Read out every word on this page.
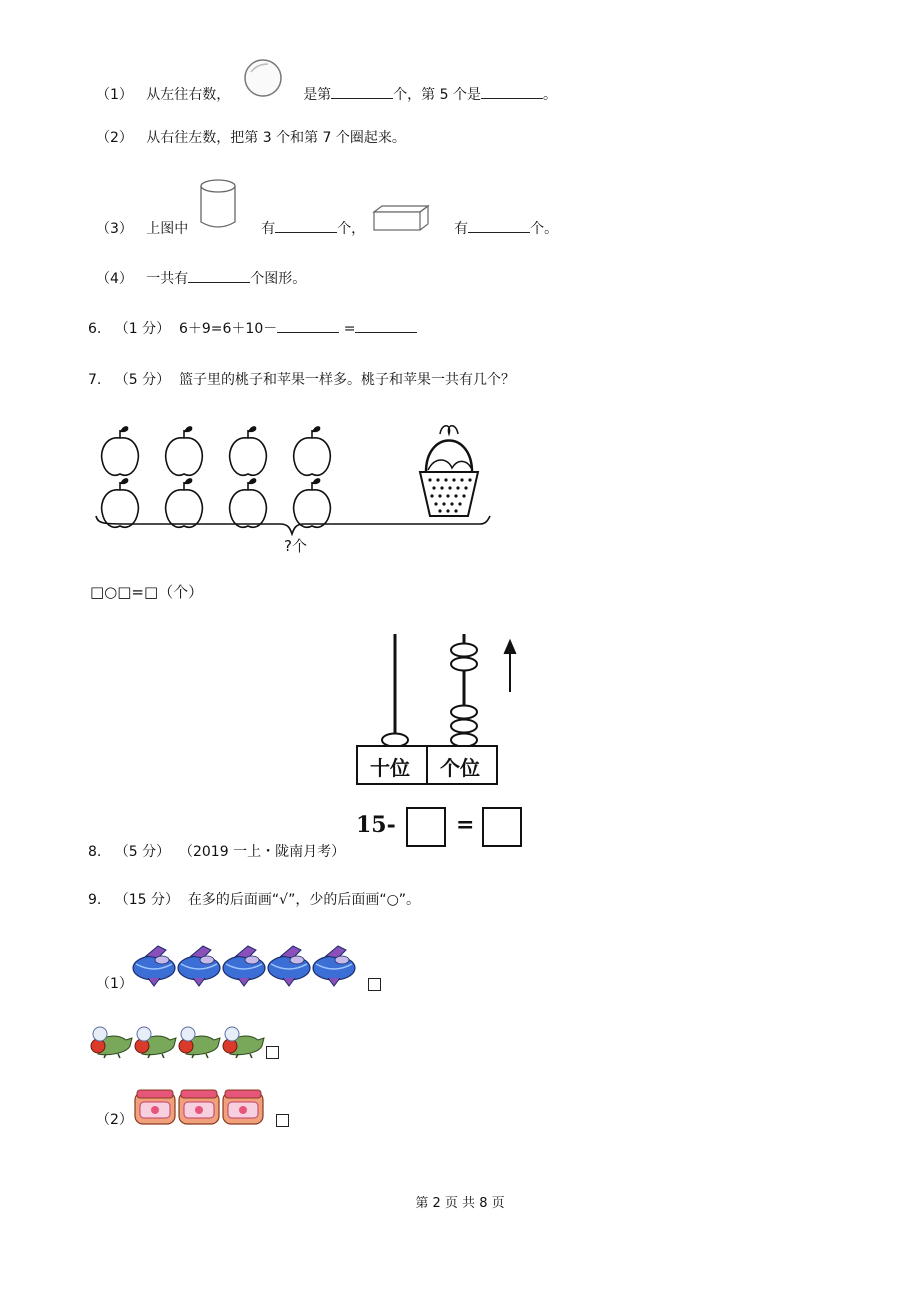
（1） 从左往右数，	是第	个，第 5 个是	。
（2） 从右往左数，把第 3 个和第 7 个圈起来。
（3） 上图中	有	个，	有	个。
（4） 一共有	个图形。
6. （1 分） 6＋9=6＋10－	=
7. （5 分） 篮子里的桃子和苹果一样多。桃子和苹果一共有几个？
?个
□○□=□（个）
十位 个位
15-	=
8. （5 分） （2019 一上・陇南月考）
9. （15 分） 在多的后面画“√”，少的后面画“○”。
（1）
（2）
第 2 页 共 8 页
